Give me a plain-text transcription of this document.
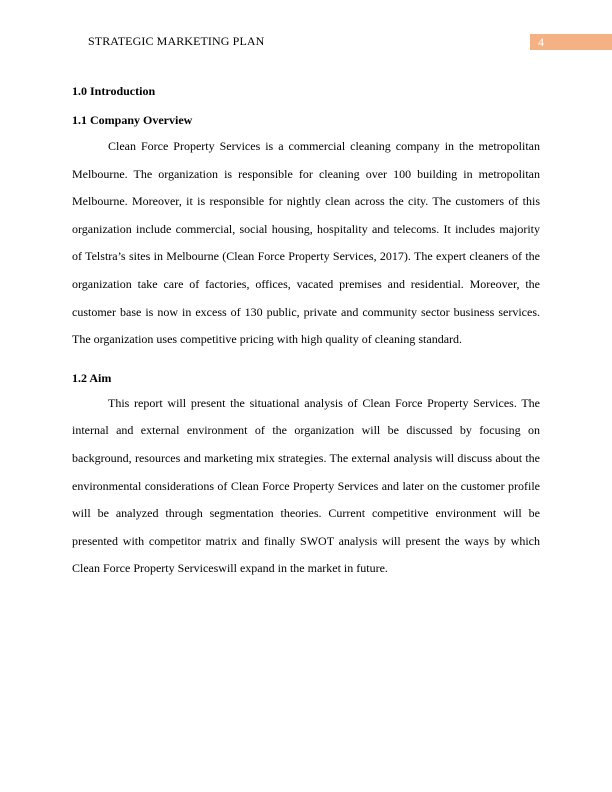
STRATEGIC MARKETING PLAN	4
1.0 Introduction
1.1 Company Overview

Clean Force Property Services is a commercial cleaning company in the metropolitan Melbourne. The organization is responsible for cleaning over 100 building in metropolitan Melbourne. Moreover, it is responsible for nightly clean across the city. The customers of this organization include commercial, social housing, hospitality and telecoms. It includes majority of Telstra’s sites in Melbourne (Clean Force Property Services, 2017). The expert cleaners of the organization take care of factories, offices, vacated premises and residential. Moreover, the customer base is now in excess of 130 public, private and community sector business services. The organization uses competitive pricing with high quality of cleaning standard.

1.2 Aim

This report will present the situational analysis of Clean Force Property Services. The internal and external environment of the organization will be discussed by focusing on background, resources and marketing mix strategies. The external analysis will discuss about the environmental considerations of Clean Force Property Services and later on the customer profile will be analyzed through segmentation theories. Current competitive environment will be presented with competitor matrix and finally SWOT analysis will present the ways by which Clean Force Property Serviceswill expand in the market in future.
